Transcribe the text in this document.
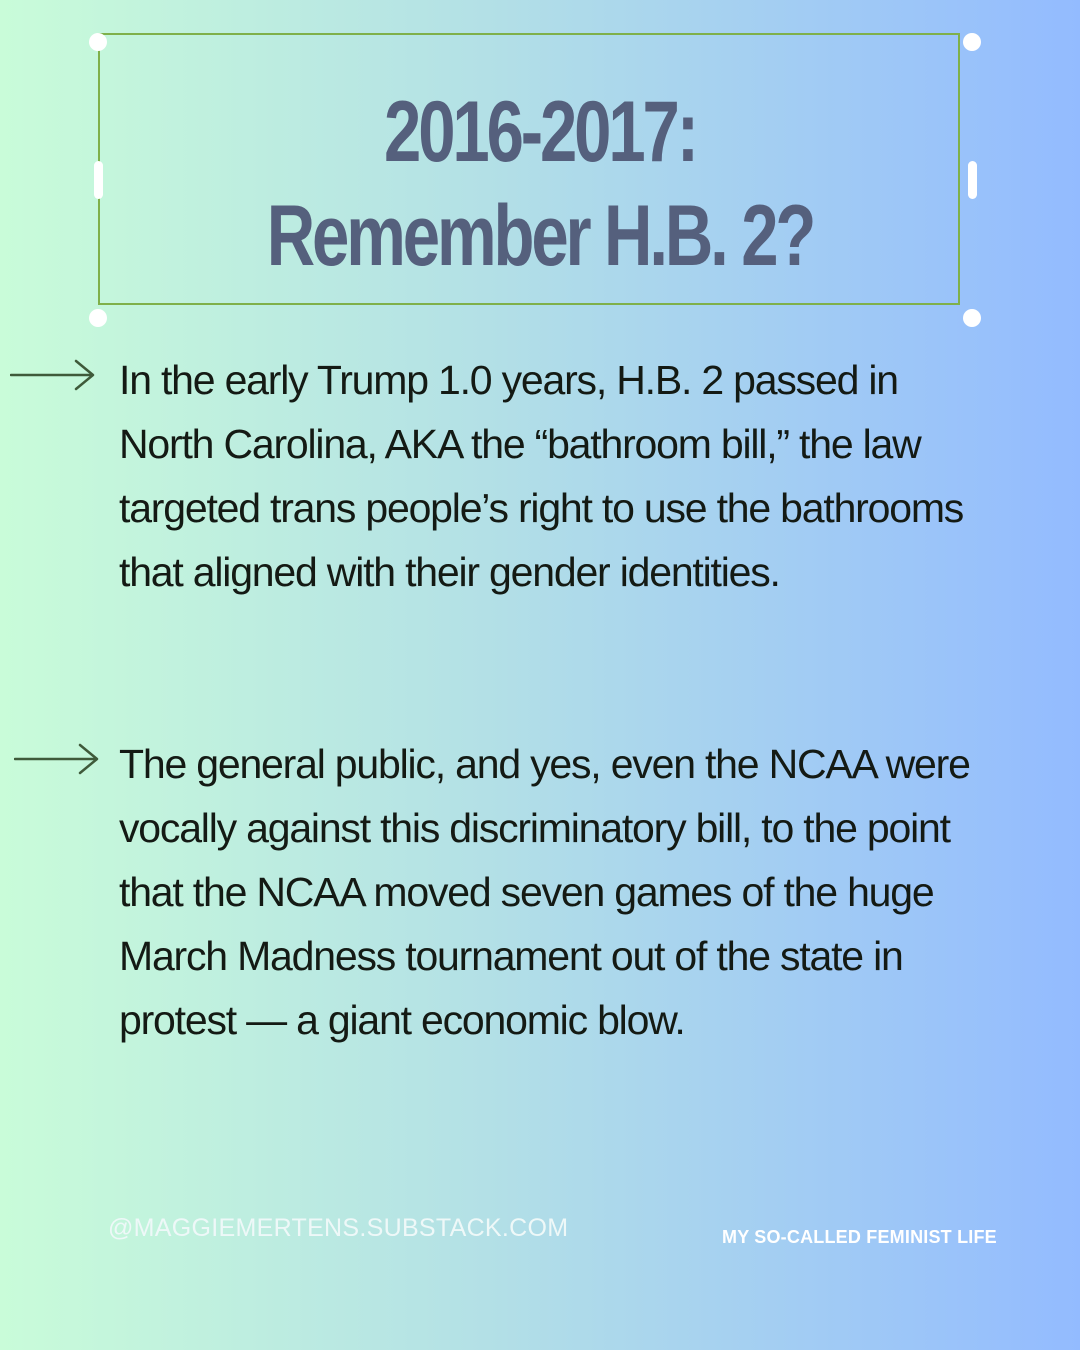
2016-2017:
Remember H.B. 2?

In the early Trump 1.0 years, H.B. 2 passed in North Carolina, AKA the “bathroom bill,” the law targeted trans people’s right to use the bathrooms that aligned with their gender identities.

The general public, and yes, even the NCAA were vocally against this discriminatory bill, to the point that the NCAA moved seven games of the huge March Madness tournament out of the state in protest — a giant economic blow.

@MAGGIEMERTENS.SUBSTACK.COM	MY SO-CALLED FEMINIST LIFE
